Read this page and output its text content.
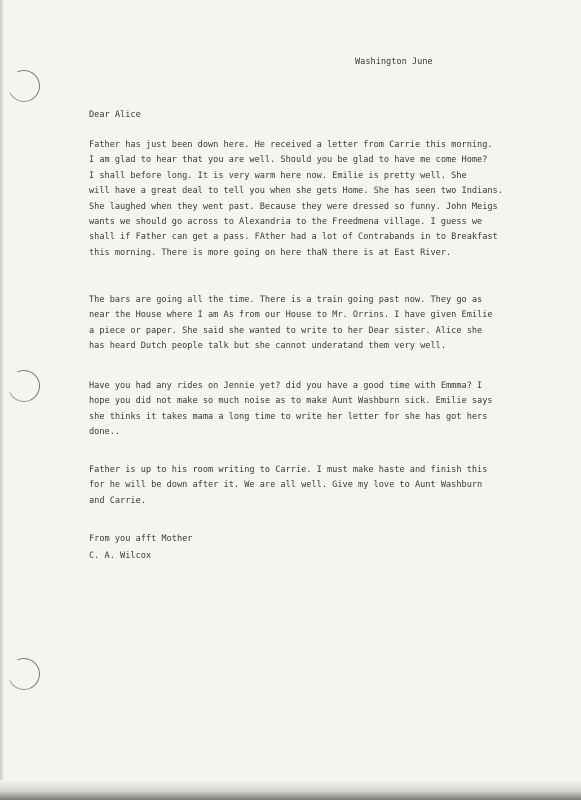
Washington June
Dear Alice
Father has just been down here. He received a letter from Carrie this morning.
I am glad to hear that you are well. Should you be glad to have me come Home?
I shall before long. It is very warm here now. Emilie is pretty well. She
will have a great deal to tell you when she gets Home. She has seen two Indians.
She laughed when they went past. Because they were dressed so funny. John Meigs
wants we should go across to Alexandria to the Freedmena village. I guess we
shall if Father can get a pass. FAther had a lot of Contrabands in to Breakfast
this morning. There is more going on here thaN there is at East River.
The bars are going all the time. There is a train going past now. They go as
near the House where I am As from our House to Mr. Orrins. I have given Emilie
a piece or paper. She said she wanted to write to her Dear sister. Alice she
has heard Dutch people talk but she cannot underatand them very well.
Have you had any rides on Jennie yet? did you have a good time with Emmma? I
hope you did not make so much noise as to make Aunt Washburn sick. Emilie says
she thinks it takes mama a long time to write her letter for she has got hers
done..
Father is up to his room writing to Carrie. I must make haste and finish this
for he will be down after it. We are all well. Give my love to Aunt Washburn
and Carrie.
From you afft Mother
C. A. Wilcox
